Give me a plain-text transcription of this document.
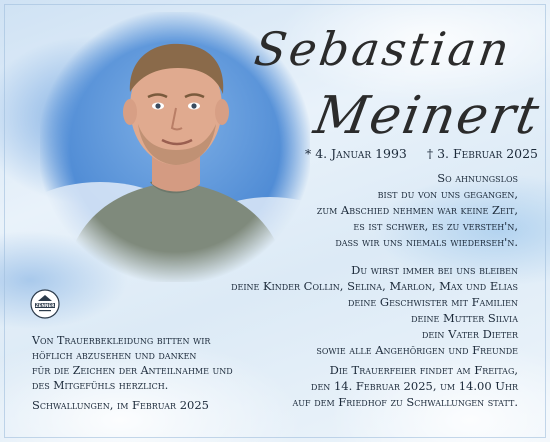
Sebastian
Meinert
* 4. Januar 1993 † 3. Februar 2025
So ahnungslos
bist du von uns gegangen,
zum Abschied nehmen war keine Zeit,
es ist schwer, es zu versteh'n,
dass wir uns niemals wiederseh'n.
Du wirst immer bei uns bleiben
deine Kinder Collin, Selina, Marlon, Max und Elias
deine Geschwister mit Familien
deine Mutter Silvia
dein Vater Dieter
sowie alle Angehörigen und Freunde
Die Trauerfeier findet am Freitag,
den 14. Februar 2025, um 14.00 Uhr
auf dem Friedhof zu Schwallungen statt.
ZENNER
Von Trauerbekleidung bitten wir
höflich abzusehen und danken
für die Zeichen der Anteilnahme und
des Mitgefühls herzlich.
Schwallungen, im Februar 2025
